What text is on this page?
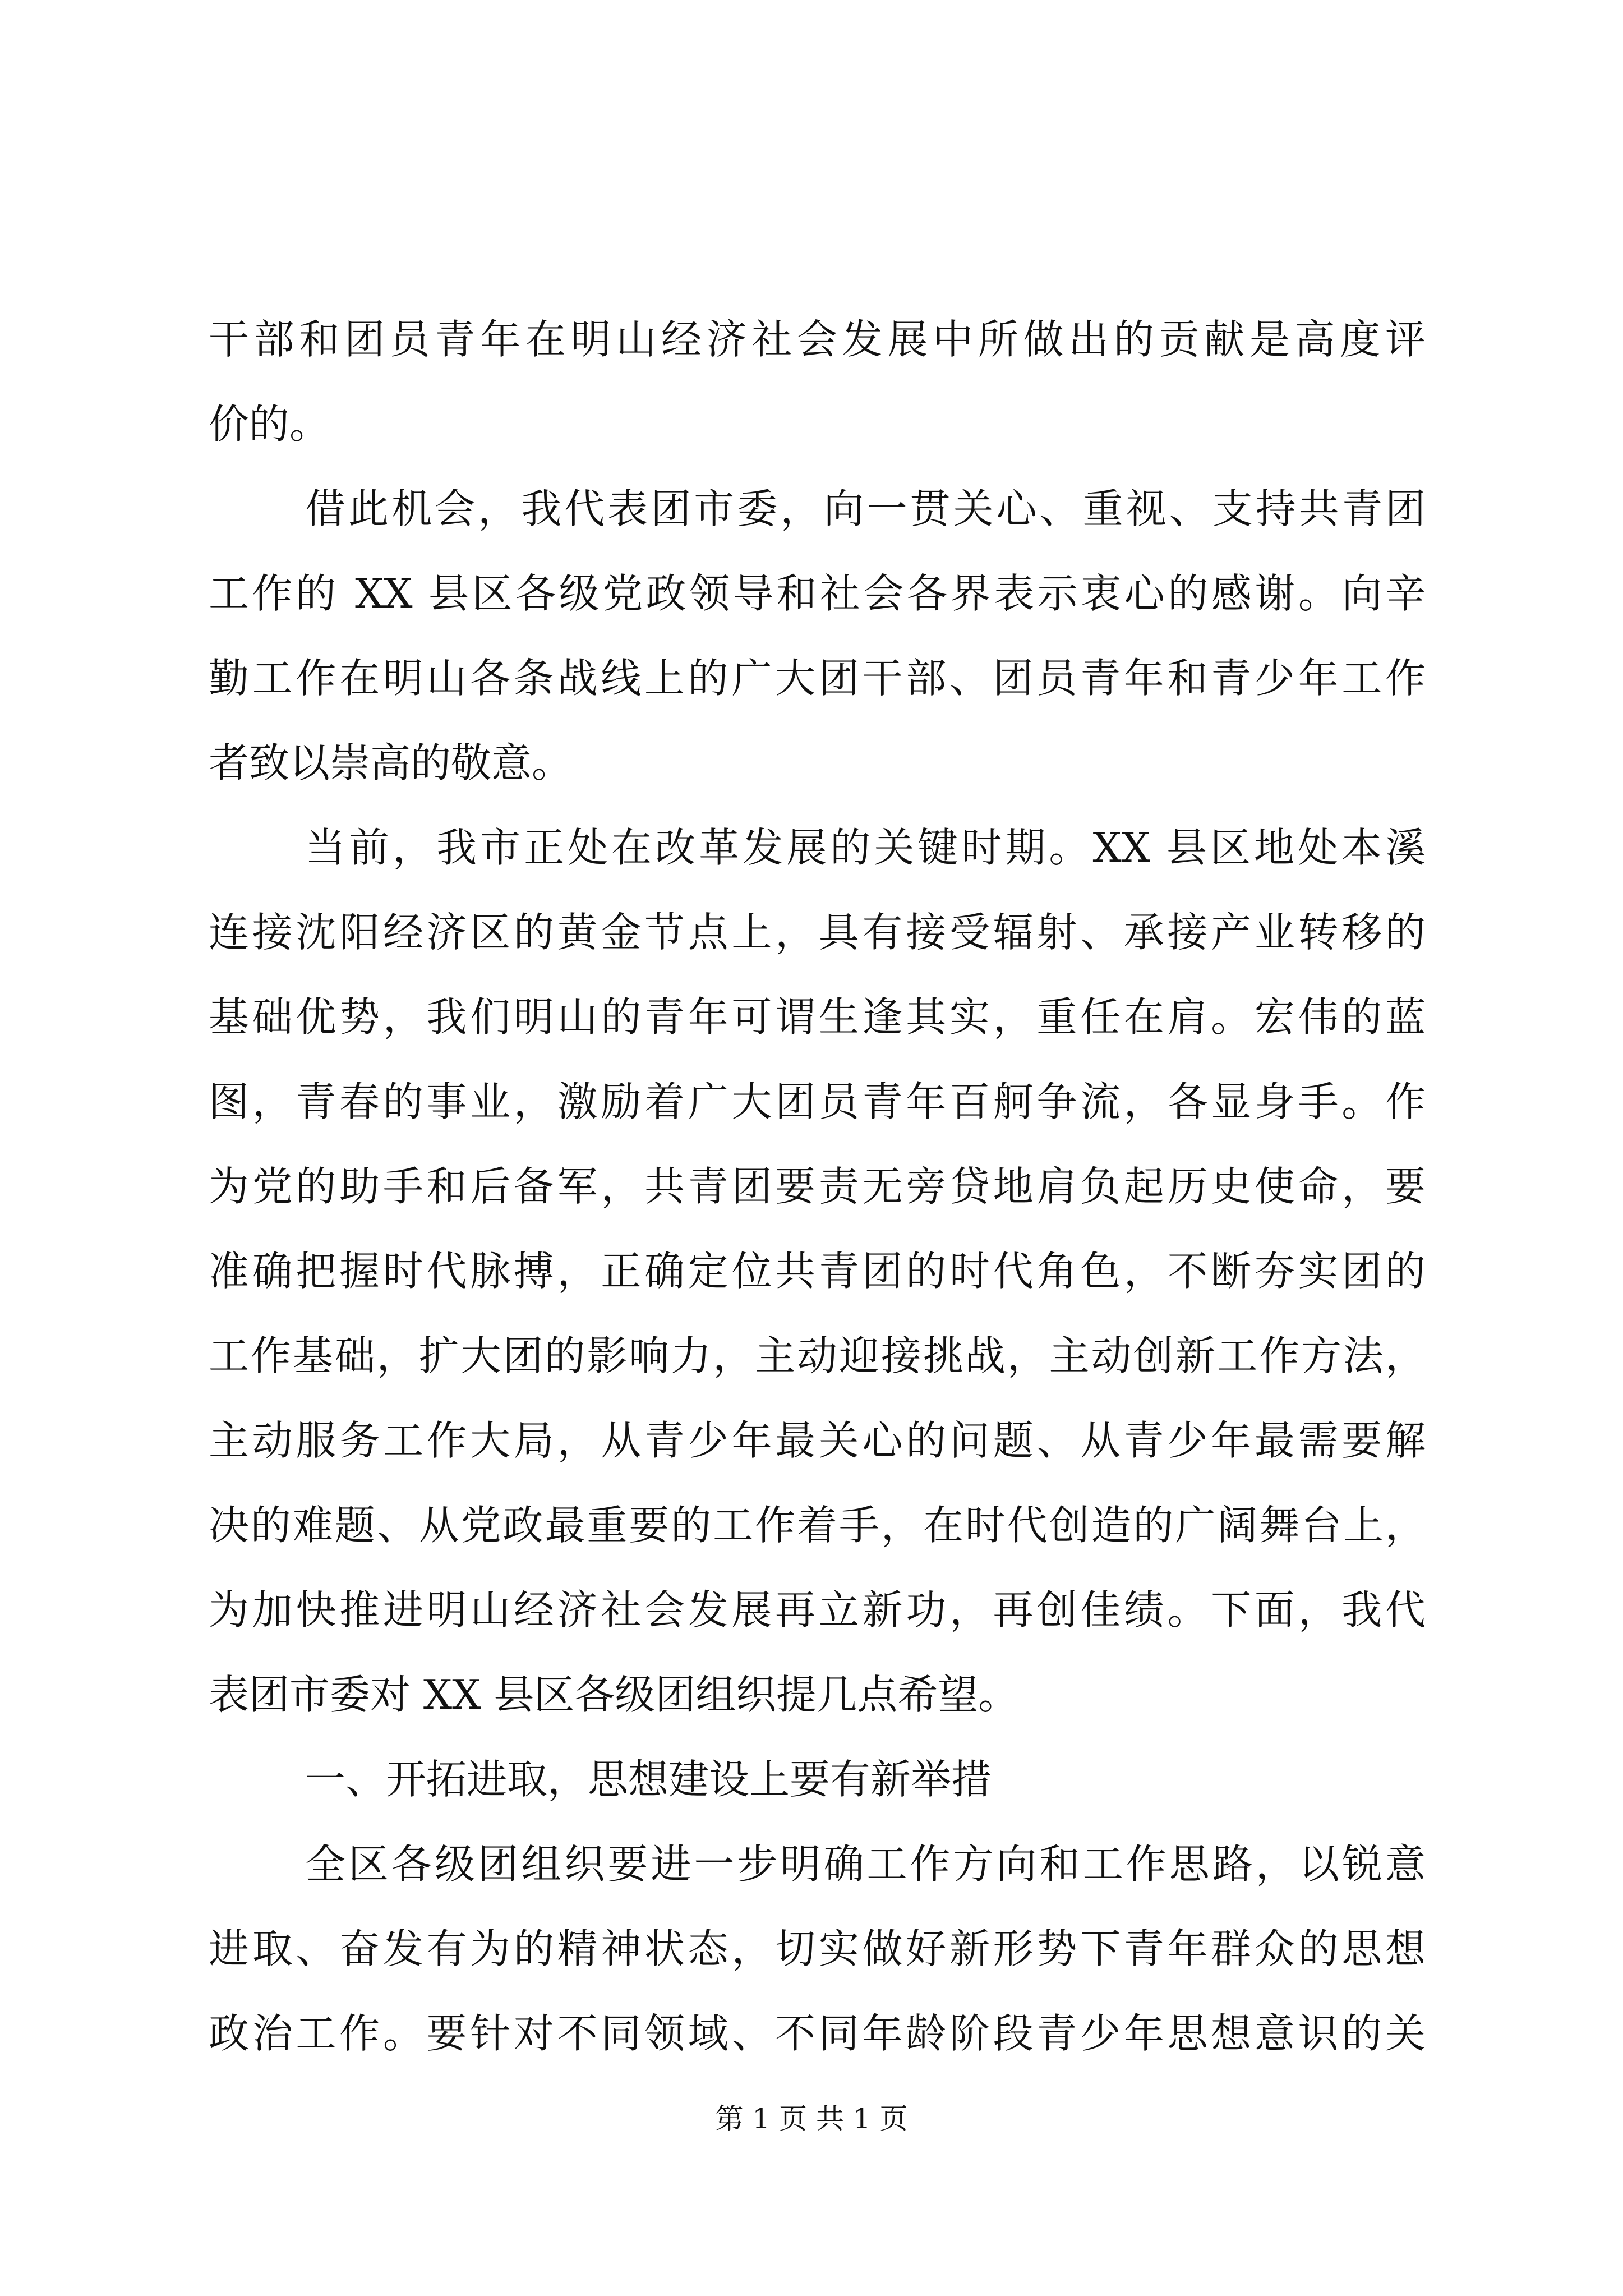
干部和团员青年在明山经济社会发展中所做出的贡献是高度评
价的。
借此机会，我代表团市委，向一贯关心、重视、支持共青团
工作的 XX 县区各级党政领导和社会各界表示衷心的感谢。向辛
勤工作在明山各条战线上的广大团干部、团员青年和青少年工作
者致以崇高的敬意。
当前，我市正处在改革发展的关键时期。XX 县区地处本溪
连接沈阳经济区的黄金节点上，具有接受辐射、承接产业转移的
基础优势，我们明山的青年可谓生逢其实，重任在肩。宏伟的蓝
图，青春的事业，激励着广大团员青年百舸争流，各显身手。作
为党的助手和后备军，共青团要责无旁贷地肩负起历史使命，要
准确把握时代脉搏，正确定位共青团的时代角色，不断夯实团的
工作基础，扩大团的影响力，主动迎接挑战，主动创新工作方法，
主动服务工作大局，从青少年最关心的问题、从青少年最需要解
决的难题、从党政最重要的工作着手，在时代创造的广阔舞台上，
为加快推进明山经济社会发展再立新功，再创佳绩。下面，我代
表团市委对 XX 县区各级团组织提几点希望。
一、开拓进取，思想建设上要有新举措
全区各级团组织要进一步明确工作方向和工作思路，以锐意
进取、奋发有为的精神状态，切实做好新形势下青年群众的思想
政治工作。要针对不同领域、不同年龄阶段青少年思想意识的关
第 1 页 共 1 页
